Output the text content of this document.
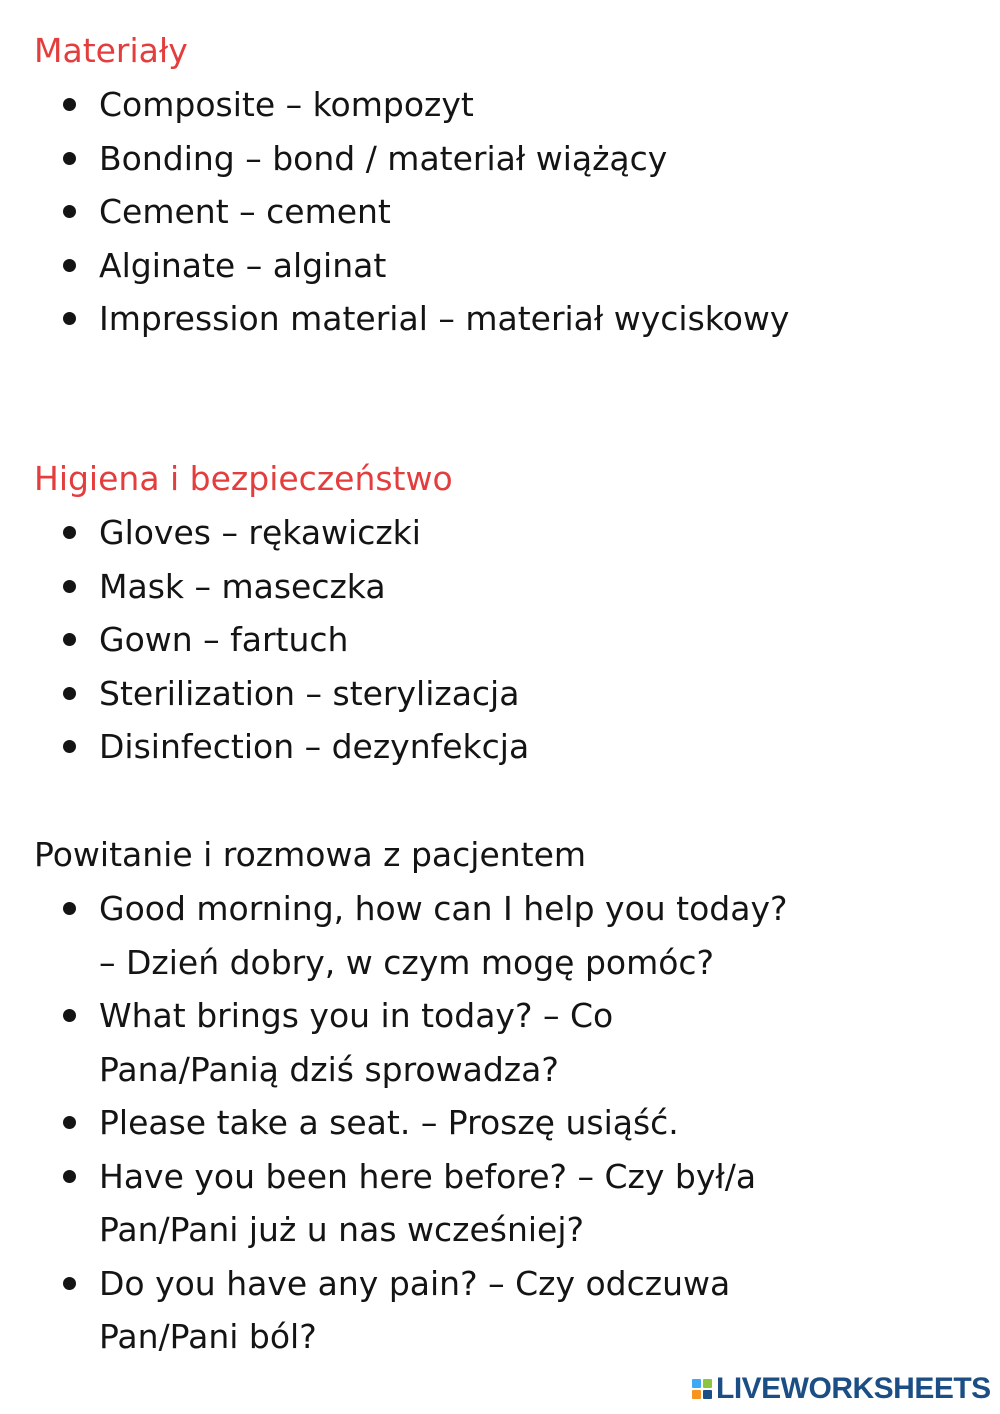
Materiały
Composite – kompozyt
Bonding – bond / materiał wiążący
Cement – cement
Alginate – alginat
Impression material – materiał wyciskowy
Higiena i bezpieczeństwo
Gloves – rękawiczki
Mask – maseczka
Gown – fartuch
Sterilization – sterylizacja
Disinfection – dezynfekcja
Powitanie i rozmowa z pacjentem
Good morning, how can I help you today? – Dzień dobry, w czym mogę pomóc?
What brings you in today? – Co Pana/Panią dziś sprowadza?
Please take a seat. – Proszę usiąść.
Have you been here before? – Czy był/a Pan/Pani już u nas wcześniej?
Do you have any pain? – Czy odczuwa Pan/Pani ból?
LIVEWORKSHEETS
